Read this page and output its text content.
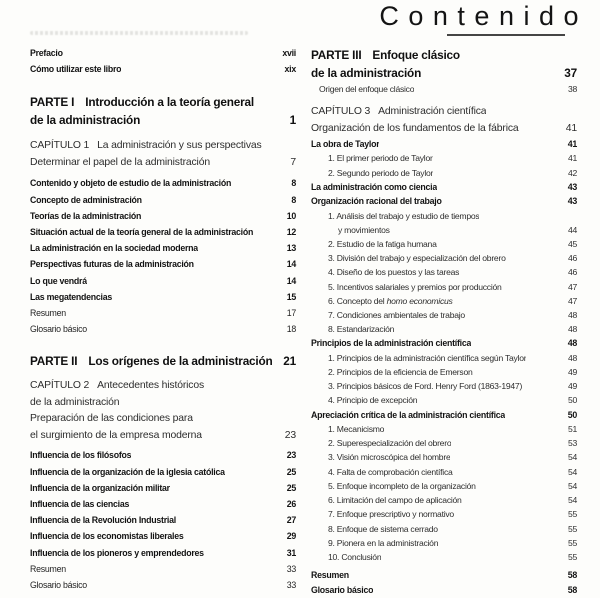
Contenido
Prefacio	xvii
Cómo utilizar este libro	xix
PARTE I Introducción a la teoría general
de la administración	1
CAPÍTULO 1 La administración y sus perspectivas
Determinar el papel de la administración	7
Contenido y objeto de estudio de la administración	8
Concepto de administración	8
Teorías de la administración	10
Situación actual de la teoría general de la administración	12
La administración en la sociedad moderna	13
Perspectivas futuras de la administración	14
Lo que vendrá	14
Las megatendencias	15
Resumen	17
Glosario básico	18
PARTE II Los orígenes de la administración 21
CAPÍTULO 2 Antecedentes históricos
de la administración
Preparación de las condiciones para
el surgimiento de la empresa moderna	23
Influencia de los filósofos	23
Influencia de la organización de la iglesia católica	25
Influencia de la organización militar	25
Influencia de las ciencias	26
Influencia de la Revolución Industrial	27
Influencia de los economistas liberales	29
Influencia de los pioneros y emprendedores	31
Resumen	33
Glosario básico	33
PARTE III Enfoque clásico
de la administración	37
Origen del enfoque clásico	38
CAPÍTULO 3 Administración científica
Organización de los fundamentos de la fábrica	41
La obra de Taylor	41
1. El primer periodo de Taylor	41
2. Segundo periodo de Taylor	42
La administración como ciencia	43
Organización racional del trabajo	43
1. Análisis del trabajo y estudio de tiempos
y movimientos	44
2. Estudio de la fatiga humana	45
3. División del trabajo y especialización del obrero	46
4. Diseño de los puestos y las tareas	46
5. Incentivos salariales y premios por producción	47
6. Concepto del homo economicus	47
7. Condiciones ambientales de trabajo	48
8. Estandarización	48
Principios de la administración científica	48
1. Principios de la administración científica según Taylor	48
2. Principios de la eficiencia de Emerson	49
3. Principios básicos de Ford. Henry Ford (1863-1947)	49
4. Principio de excepción	50
Apreciación crítica de la administración científica	50
1. Mecanicismo	51
2. Superespecialización del obrero	53
3. Visión microscópica del hombre	54
4. Falta de comprobación científica	54
5. Enfoque incompleto de la organización	54
6. Limitación del campo de aplicación	54
7. Enfoque prescriptivo y normativo	55
8. Enfoque de sistema cerrado	55
9. Pionera en la administración	55
10. Conclusión	55
Resumen	58
Glosario básico	58
